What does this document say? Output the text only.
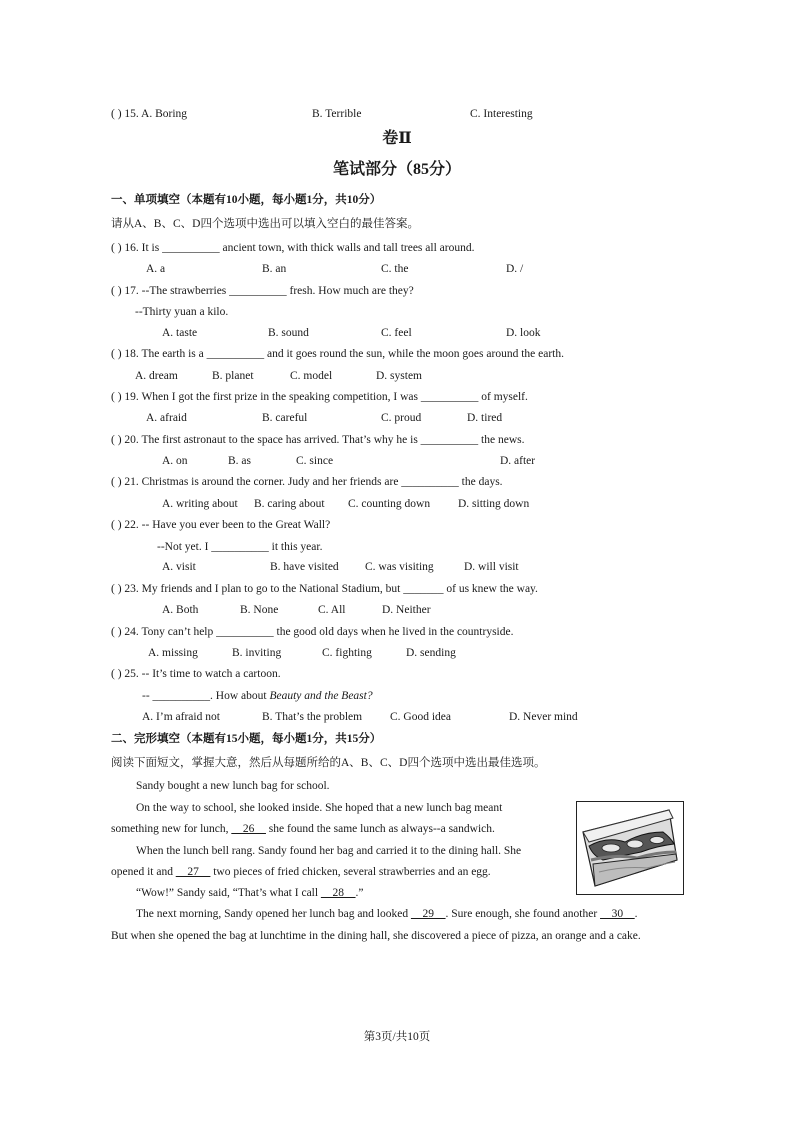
( ) 15. A. Boring	B. Terrible	C. Interesting
卷Ⅱ
笔试部分（85分）
一、单项填空（本题有10小题，每小题1分，共10分）
请从A、B、C、D四个选项中选出可以填入空白的最佳答案。
( ) 16. It is __________ ancient town, with thick walls and tall trees all around.
A. a	B. an	C. the	D. /
( ) 17. --The strawberries __________ fresh. How much are they?
--Thirty yuan a kilo.
A. taste	B. sound	C. feel	D. look
( ) 18. The earth is a __________ and it goes round the sun, while the moon goes around the earth.
A. dream	B. planet	C. model	D. system
( ) 19. When I got the first prize in the speaking competition, I was __________ of myself.
A. afraid	B. careful	C. proud	D. tired
( ) 20. The first astronaut to the space has arrived. That’s why he is __________ the news.
A. on	B. as	C. since	D. after
( ) 21. Christmas is around the corner. Judy and her friends are __________ the days.
A. writing about B. caring about C. counting down D. sitting down
( ) 22. -- Have you ever been to the Great Wall?
--Not yet. I __________ it this year.
A. visit	B. have visited C. was visiting	D. will visit
( ) 23. My friends and I plan to go to the National Stadium, but _______ of us knew the way.
A. Both	B. None	C. All	D. Neither
( ) 24. Tony can’t help __________ the good old days when he lived in the countryside.
A. missing	B. inviting	C. fighting	D. sending
( ) 25. -- It’s time to watch a cartoon.
-- __________. How about Beauty and the Beast?
A. I’m afraid not	B. That’s the problem C. Good idea	D. Never mind
二、完形填空（本题有15小题，每小题1分，共15分）
阅读下面短文，掌握大意，然后从每题所给的A、B、C、D四个选项中选出最佳选项。
Sandy bought a new lunch bag for school.
On the way to school, she looked inside. She hoped that a new lunch bag meant
something new for lunch, __26__ she found the same lunch as always--a sandwich.
When the lunch bell rang. Sandy found her bag and carried it to the dining hall. She
opened it and __27__ two pieces of fried chicken, several strawberries and an egg.
“Wow!” Sandy said, “That’s what I call __28__.”
The next morning, Sandy opened her lunch bag and looked __29__. Sure enough, she found another __30__.
But when she opened the bag at lunchtime in the dining hall, she discovered a piece of pizza, an orange and a cake.
第3页/共10页
